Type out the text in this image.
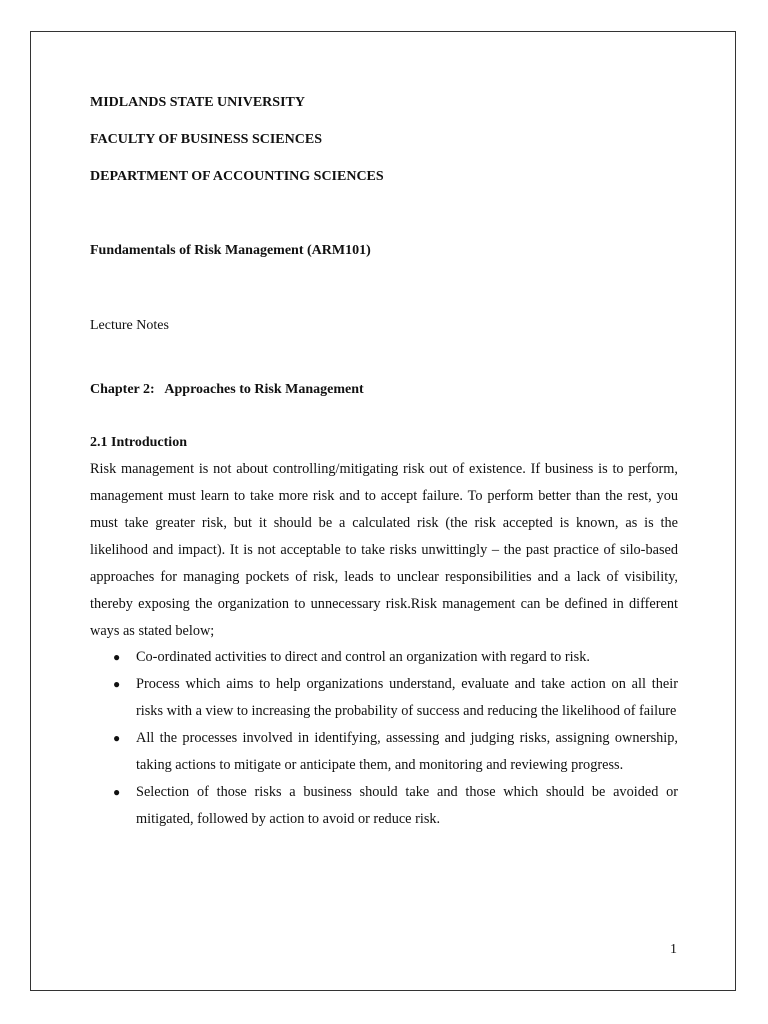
MIDLANDS STATE UNIVERSITY
FACULTY OF BUSINESS SCIENCES
DEPARTMENT OF ACCOUNTING SCIENCES
Fundamentals of Risk Management (ARM101)
Lecture Notes
Chapter 2:   Approaches to Risk Management
2.1 Introduction

Risk management is not about controlling/mitigating risk out of existence. If business is to perform, management must learn to take more risk and to accept failure. To perform better than the rest, you must take greater risk, but it should be a calculated risk (the risk accepted is known, as is the likelihood and impact). It is not acceptable to take risks unwittingly – the past practice of silo-based approaches for managing pockets of risk, leads to unclear responsibilities and a lack of visibility, thereby exposing the organization to unnecessary risk.Risk management can be defined in different ways as stated below;

● Co-ordinated activities to direct and control an organization with regard to risk.
● Process which aims to help organizations understand, evaluate and take action on all their risks with a view to increasing the probability of success and reducing the likelihood of failure
● All the processes involved in identifying, assessing and judging risks, assigning ownership, taking actions to mitigate or anticipate them, and monitoring and reviewing progress.
● Selection of those risks a business should take and those which should be avoided or mitigated, followed by action to avoid or reduce risk.
1
